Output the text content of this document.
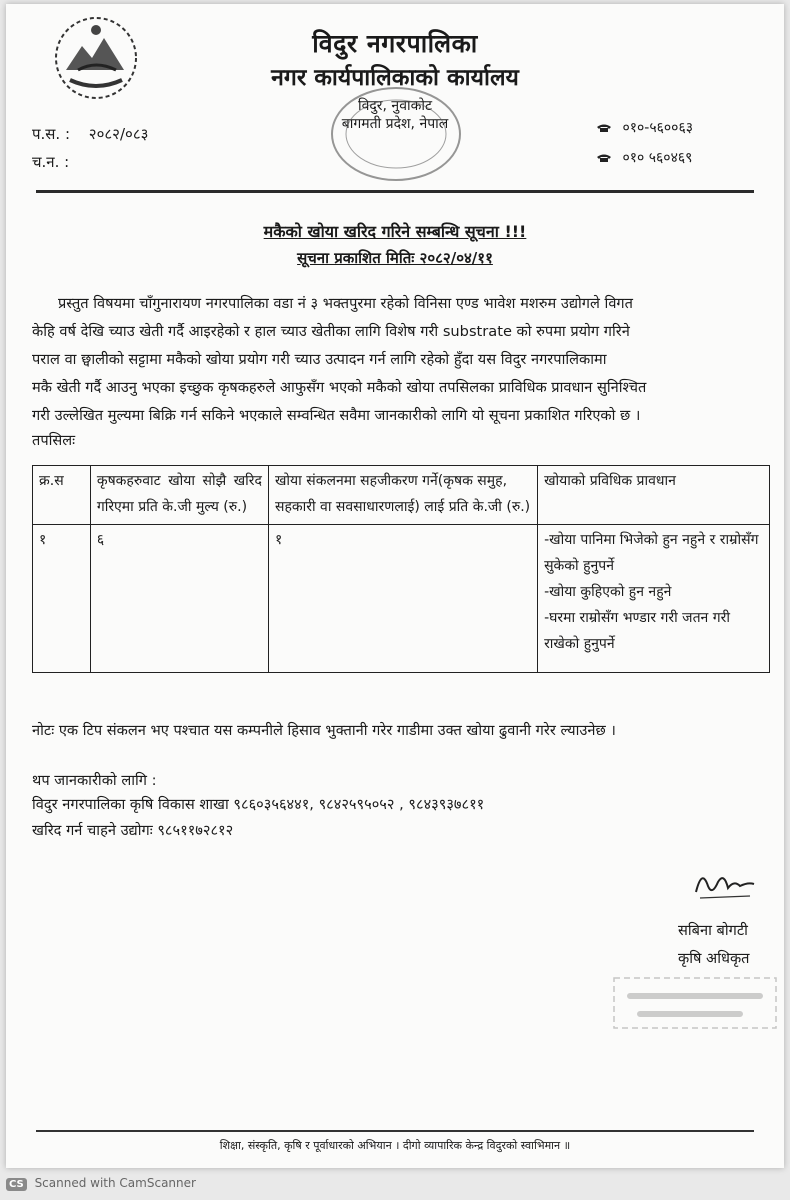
विदुर नगरपालिका
नगर कार्यपालिकाको कार्यालय
विदुर, नुवाकोट
बागमती प्रदेश, नेपाल
प.स. : २०८२/०८३
च.न. :
०१०-५६००६३
०१० ५६०४६९
मकैको खोया खरिद गरिने सम्बन्धि सूचना !!!
सूचना प्रकाशित मितिः २०८२/०४/११
प्रस्तुत विषयमा चाँगुनारायण नगरपालिका वडा नं ३ भक्तपुरमा रहेको विनिसा एण्ड भावेश मशरुम उद्योगले विगत
केहि वर्ष देखि च्याउ खेती गर्दै आइरहेको र हाल च्याउ खेतीका लागि विशेष गरी substrate को रुपमा प्रयोग गरिने
पराल वा छ्वालीको सट्टामा मकैको खोया प्रयोग गरी च्याउ उत्पादन गर्न लागि रहेको हुँदा यस विदुर नगरपालिकामा
मकै खेती गर्दै आउनु भएका इच्छुक कृषकहरुले आफुसँग भएको मकैको खोया तपसिलका प्राविधिक प्रावधान सुनिश्चित
गरी उल्लेखित मुल्यमा बिक्रि गर्न सकिने भएकाले सम्वन्धित सवैमा जानकारीको लागि यो सूचना प्रकाशित गरिएको छ ।
तपसिलः
क्र.स	कृषकहरुवाट खोया सोझै खरिद गरिएमा प्रति के.जी मुल्य (रु.)	खोया संकलनमा सहजीकरण गर्ने(कृषक समुह, सहकारी वा सवसाधारणलाई) लाई प्रति के.जी (रु.)	खोयाको प्रविधिक प्रावधान
१	६	१	-खोया पानिमा भिजेको हुन नहुने र राम्रोसँग सुकेको हुनुपर्ने
-खोया कुहिएको हुन नहुने
-घरमा राम्रोसँग भण्डार गरी जतन गरी राखेको हुनुपर्ने
नोटः एक टिप संकलन भए पश्चात यस कम्पनीले हिसाव भुक्तानी गरेर गाडीमा उक्त खोया ढुवानी गरेर ल्याउनेछ ।
थप जानकारीको लागि :
विदुर नगरपालिका कृषि विकास शाखा ९८६०३५६४४१, ९८४२५९५०५२ , ९८४३९३७८११
खरिद गर्न चाहने उद्योगः ९८५११७२८१२
सबिना बोगटी
कृषि अधिकृत
शिक्षा, संस्कृति, कृषि र पूर्वाधारको अभियान । दीगो व्यापारिक केन्द्र विदुरको स्वाभिमान ॥
CS Scanned with CamScanner
